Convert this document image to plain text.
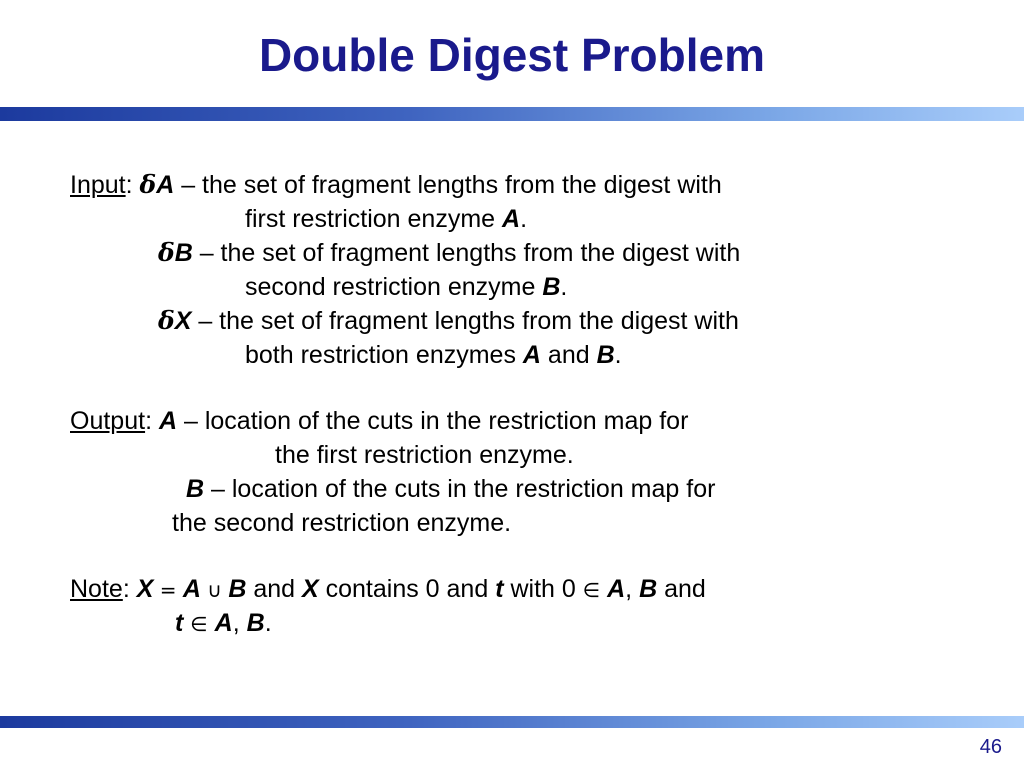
Double Digest Problem
Input: δA – the set of fragment lengths from the digest with
first restriction enzyme A.
δB – the set of fragment lengths from the digest with
second restriction enzyme B.
δX – the set of fragment lengths from the digest with
both restriction enzymes A and B.
Output: A – location of the cuts in the restriction map for
the first restriction enzyme.
B – location of the cuts in the restriction map for
the second restriction enzyme.
Note: X = A ∪ B and X contains 0 and t with 0 ∈ A, B and
t ∈ A, B.
46
